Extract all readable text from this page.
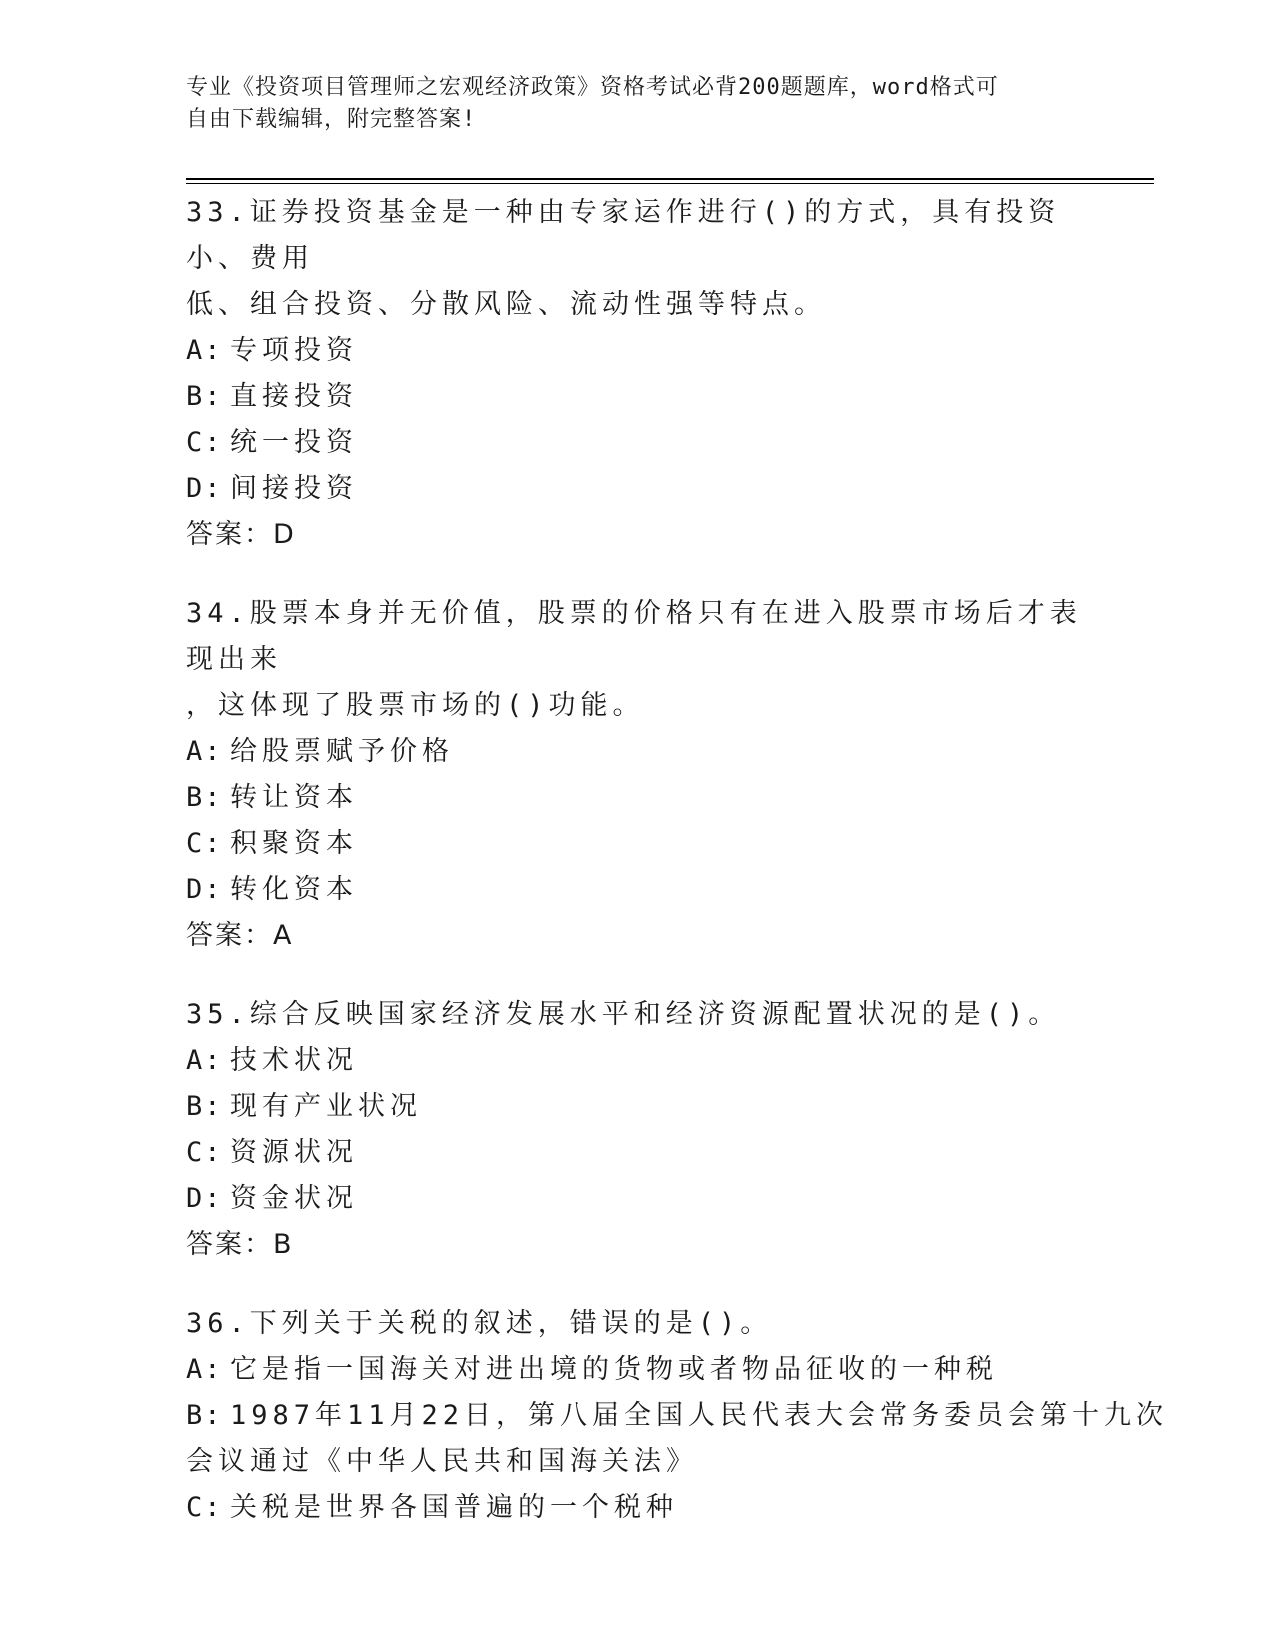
专业《投资项目管理师之宏观经济政策》资格考试必背200题题库，word格式可
自由下载编辑，附完整答案!
33.证券投资基金是一种由专家运作进行()的方式，具有投资小、费用
低、组合投资、分散风险、流动性强等特点。
A: 专项投资
B: 直接投资
C: 统一投资
D: 间接投资
答案：D
34.股票本身并无价值，股票的价格只有在进入股票市场后才表现出来
，这体现了股票市场的()功能。
A: 给股票赋予价格
B: 转让资本
C: 积聚资本
D: 转化资本
答案：A
35.综合反映国家经济发展水平和经济资源配置状况的是()。
A: 技术状况
B: 现有产业状况
C: 资源状况
D: 资金状况
答案：B
36.下列关于关税的叙述，错误的是()。
A: 它是指一国海关对进出境的货物或者物品征收的一种税
B: 1987年11月22日，第八届全国人民代表大会常务委员会第十九次
会议通过《中华人民共和国海关法》
C: 关税是世界各国普遍的一个税种
